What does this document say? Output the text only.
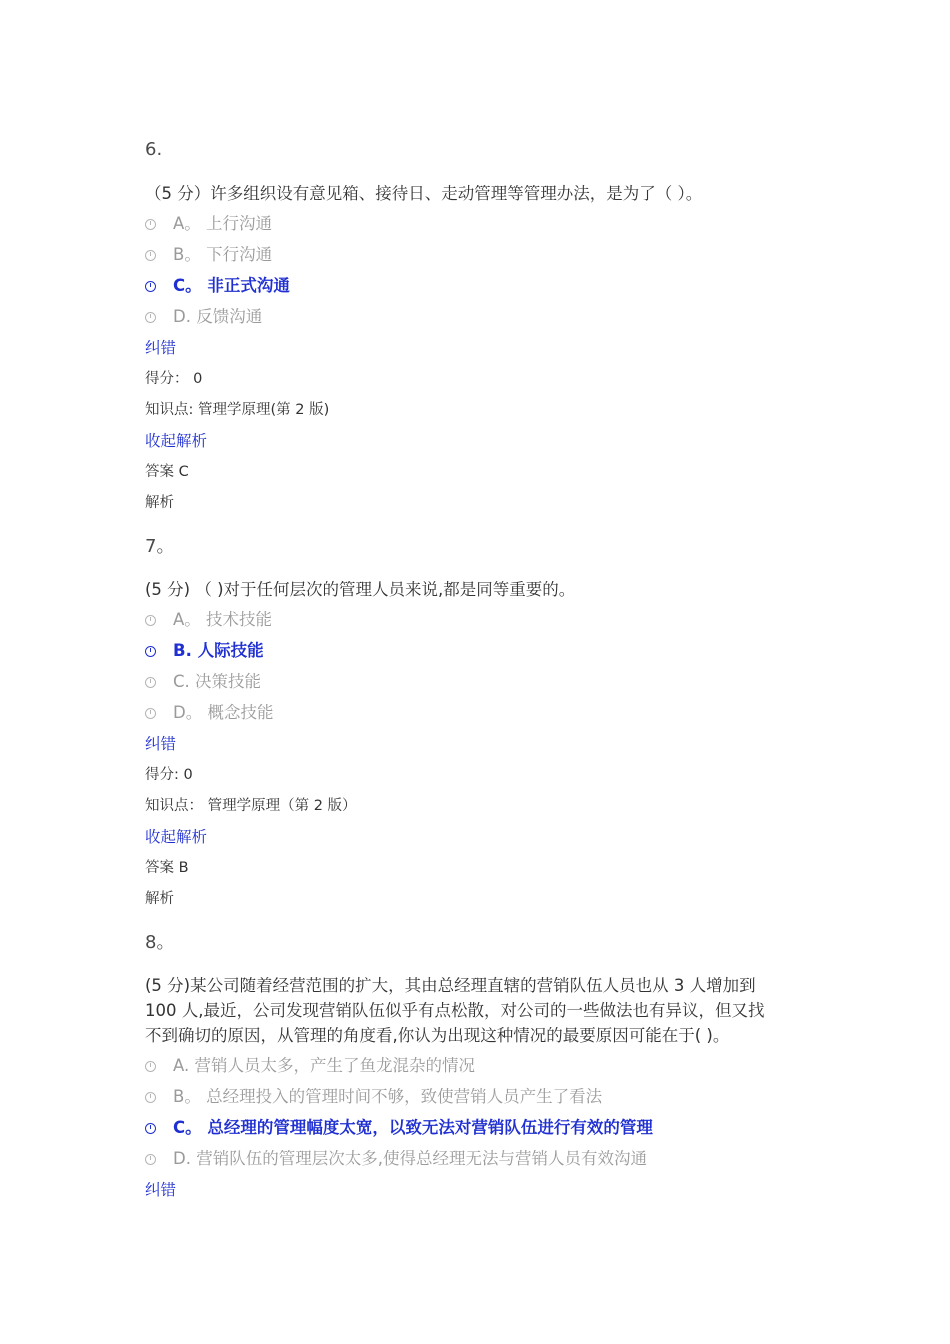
6.
（5 分）许多组织设有意见箱、接待日、走动管理等管理办法，是为了（ ）。
A。 上行沟通
B。 下行沟通
C。 非正式沟通
D. 反馈沟通
纠错
得分： 0
知识点: 管理学原理(第 2 版)
收起解析
答案 C
解析
7。
(5 分) （ )对于任何层次的管理人员来说,都是同等重要的。
A。 技术技能
B. 人际技能
C. 决策技能
D。 概念技能
纠错
得分: 0
知识点： 管理学原理（第 2 版）
收起解析
答案 B
解析
8。
(5 分)某公司随着经营范围的扩大，其由总经理直辖的营销队伍人员也从 3 人增加到
100 人,最近，公司发现营销队伍似乎有点松散，对公司的一些做法也有异议，但又找
不到确切的原因，从管理的角度看,你认为出现这种情况的最要原因可能在于( )。
A. 营销人员太多，产生了鱼龙混杂的情况
B。 总经理投入的管理时间不够，致使营销人员产生了看法
C。 总经理的管理幅度太宽，以致无法对营销队伍进行有效的管理
D. 营销队伍的管理层次太多,使得总经理无法与营销人员有效沟通
纠错
